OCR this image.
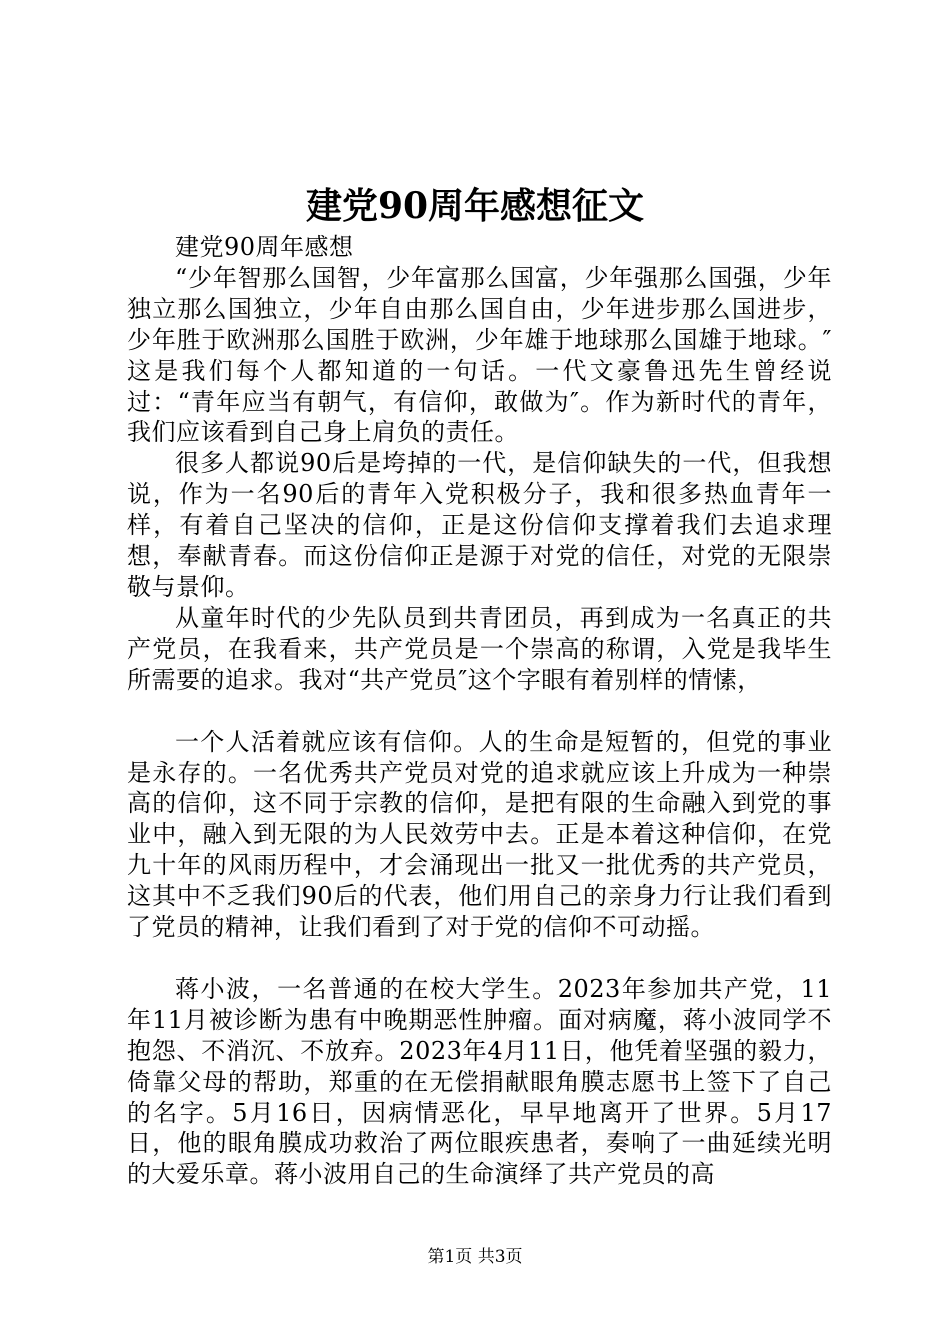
建党90周年感想征文

建党90周年感想

“少年智那么国智，少年富那么国富，少年强那么国强，少年独立那么国独立，少年自由那么国自由，少年进步那么国进步，少年胜于欧洲那么国胜于欧洲，少年雄于地球那么国雄于地球。″这是我们每个人都知道的一句话。一代文豪鲁迅先生曾经说过：“青年应当有朝气，有信仰，敢做为″。作为新时代的青年，我们应该看到自己身上肩负的责任。

很多人都说90后是垮掉的一代，是信仰缺失的一代，但我想说，作为一名90后的青年入党积极分子，我和很多热血青年一样，有着自己坚决的信仰，正是这份信仰支撑着我们去追求理想，奉献青春。而这份信仰正是源于对党的信任，对党的无限崇敬与景仰。

从童年时代的少先队员到共青团员，再到成为一名真正的共产党员，在我看来，共产党员是一个崇高的称谓，入党是我毕生所需要的追求。我对“共产党员″这个字眼有着别样的情愫，

一个人活着就应该有信仰。人的生命是短暂的，但党的事业是永存的。一名优秀共产党员对党的追求就应该上升成为一种崇高的信仰，这不同于宗教的信仰，是把有限的生命融入到党的事业中，融入到无限的为人民效劳中去。正是本着这种信仰，在党九十年的风雨历程中，才会涌现出一批又一批优秀的共产党员，这其中不乏我们90后的代表，他们用自己的亲身力行让我们看到了党员的精神，让我们看到了对于党的信仰不可动摇。

蒋小波，一名普通的在校大学生。2023年参加共产党，11年11月被诊断为患有中晚期恶性肿瘤。面对病魔，蒋小波同学不抱怨、不消沉、不放弃。2023年4月11日，他凭着坚强的毅力，倚靠父母的帮助，郑重的在无偿捐献眼角膜志愿书上签下了自己的名字。5月16日，因病情恶化，早早地离开了世界。5月17日，他的眼角膜成功救治了两位眼疾患者，奏响了一曲延续光明的大爱乐章。蒋小波用自己的生命演绎了共产党员的高

第1页 共3页
